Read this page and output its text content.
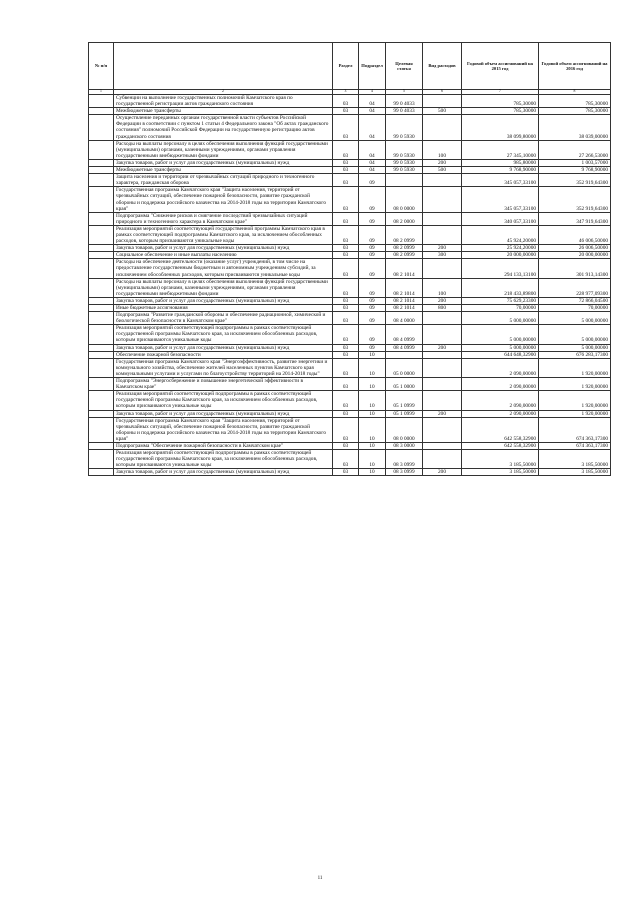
№ п/п		Раздел	Подраздел	Целевая статья	Вид расходов	Годовой объем ассигнований на 2015 год	Годовой объем ассигнований на 2016 год
1	2	3	4	5	6	7	8
	Субвенции на выполнение государственных полномочий Камчатского края по государственной регистрации актов гражданского состояния	03	04	99 0 4033		785,30000	785,30000
	Межбюджетные трансферты	03	04	99 0 4033	500	785,30000	785,30000
	Осуществление переданных органам государственной власти субъектов Российской Федерации в соответствии с пунктом 1 статьи 4 Федерального закона "Об актах гражданского состояния" полномочий Российской Федерации на государственную регистрацию актов гражданского состояния	03	04	99 0 5930		38 099,80000	38 039,00000
	Расходы на выплаты персоналу в целях обеспечения выполнения функций государственными (муниципальными) органами, казенными учреждениями, органами управления государственными внебюджетными фондами	03	04	99 0 5930	100	27 345,10000	27 266,53000
	Закупка товаров, работ и услуг для государственных (муниципальных) нужд	03	04	99 0 5930	200	985,80000	1 003,57000
	Межбюджетные трансферты	03	04	99 0 5930	500	9 768,90000	9 768,90000
	Защита населения и территории от чрезвычайных ситуаций природного и техногенного характера, гражданская оборона	03	09			345 057,33100	352 919,64300
	Государственная программа Камчатского края "Защита населения, территорий от чрезвычайных ситуаций, обеспечение пожарной безопасности, развитие гражданской обороны и поддержка российского казачества на 2014-2018 годы на территории Камчатского края"	03	09	08 0 0000		345 057,33100	352 919,64300
	Подпрограмма "Снижение рисков и смягчение последствий чрезвычайных ситуаций природного и техногенного характера в Камчатском крае"	03	09	08 2 0000		340 057,33100	347 919,64300
	Реализация мероприятий соответствующей государственной программы Камчатского края в рамках соответствующей подпрограммы Камчатского края, за исключением обособленных расходов, которым присваиваются уникальные коды	03	09	08 2 0999		45 924,20000	46 006,50000
	Закупка товаров, работ и услуг для государственных (муниципальных) нужд	03	09	08 2 0999	200	25 924,20000	26 006,50000
	Социальное обеспечение и иные выплаты населению	03	09	08 2 0999	300	20 000,00000	20 000,00000
	Расходы на обеспечение деятельности (оказание услуг) учреждений, в том числе на предоставление государственным бюджетным и автономным учреждениям субсидий, за исключением обособленных расходов, которым присваиваются уникальные коды	03	09	08 2 1014		294 133,13100	301 913,14300
	Расходы на выплаты персоналу в целях обеспечения выполнения функций государственными (муниципальными) органами, казенными учреждениями, органами управления государственными внебюджетными фондами	03	09	08 2 1014	100	218 433,89800	228 977,09300
	Закупка товаров, работ и услуг для государственных (муниципальных) нужд	03	09	08 2 1014	200	75 629,23300	72 866,04500
	Иные бюджетные ассигнования	03	09	08 2 1014	800	70,00000	70,00000
	Подпрограмма "Развитие гражданской обороны и обеспечение радиационной, химической и биологической безопасности в Камчатском крае"	03	09	08 4 0000		5 000,00000	5 000,00000
	Реализация мероприятий соответствующей подпрограммы в рамках соответствующей государственной программы Камчатского края, за исключением обособленных расходов, которым присваиваются уникальные коды	03	09	08 4 0999		5 000,00000	5 000,00000
	Закупка товаров, работ и услуг для государственных (муниципальных) нужд	03	09	08 4 0999	200	5 000,00000	5 000,00000
	Обеспечение пожарной безопасности	03	10			644 648,32900	676 283,17300
	Государственная программа Камчатского края "Энергоэффективность, развитие энергетики и коммунального хозяйства, обеспечение жителей населенных пунктов Камчатского края коммунальными услугами и услугами по благоустройству территорий на 2014-2018 годы"	03	10	05 0 0000		2 090,00000	1 920,00000
	Подпрограмма "Энергосбережение и повышение энергетической эффективности в Камчатском крае"	03	10	05 1 0000		2 090,00000	1 920,00000
	Реализация мероприятий соответствующей подпрограммы в рамках соответствующей государственной программы Камчатского края, за исключением обособленных расходов, которым присваиваются уникальные коды	03	10	05 1 0999		2 090,00000	1 920,00000
	Закупка товаров, работ и услуг для государственных (муниципальных) нужд	03	10	05 1 0999	200	2 090,00000	1 920,00000
	Государственная программа Камчатского края "Защита населения, территорий от чрезвычайных ситуаций, обеспечение пожарной безопасности, развитие гражданской обороны и поддержка российского казачества на 2014-2018 годы на территории Камчатского края"	03	10	08 0 0000		642 558,32900	674 363,17300
	Подпрограмма "Обеспечение пожарной безопасности в Камчатском крае"	03	10	08 3 0000		642 558,32900	674 363,17300
	Реализация мероприятий соответствующей подпрограммы в рамках соответствующей государственной программы Камчатского края, за исключением обособленных расходов, которым присваиваются уникальные коды	03	10	08 3 0999		3 185,50000	3 185,50000
	Закупка товаров, работ и услуг для государственных (муниципальных) нужд	03	10	08 3 0999	200	3 185,50000	3 185,50000
11
